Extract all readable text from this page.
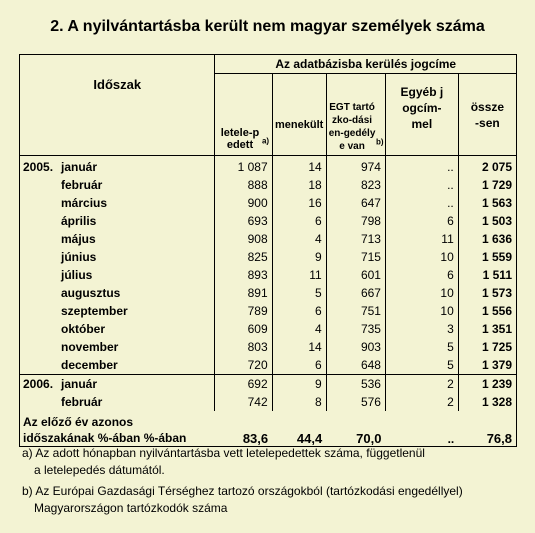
2. A nyilvántartásba került nem magyar személyek száma
Időszak	Az adatbázisba kerülés jogcíme				
	letele-pedett $^{a)}$	menekült	EGT tartózko-dási en-gedélye van $^{b)}$	Egyéb jogcím-mel	össze-sen
2005. január	1 087	14	974	..	2 075
február	888	18	823	..	1 729
március	900	16	647	..	1 563
április	693	6	798	6	1 503
május	908	4	713	11	1 636
június	825	9	715	10	1 559
július	893	11	601	6	1 511
augusztus	891	5	667	10	1 573
szeptember	789	6	751	10	1 556
október	609	4	735	3	1 351
november	803	14	903	5	1 725
december	720	6	648	5	1 379
2006. január	692	9	536	2	1 239
február	742	8	576	2	1 328
Az előző év azonos
időszakának %-ában %-ában	83,6	44,4	70,0	..	76,8

a) Az adott hónapban nyilvántartásba vett letelepedettek száma, függetlenül
a letelepedés dátumától.

b) Az Európai Gazdasági Térséghez tartozó országokból (tartózkodási engedéllyel)
Magyarországon tartózkodók száma
